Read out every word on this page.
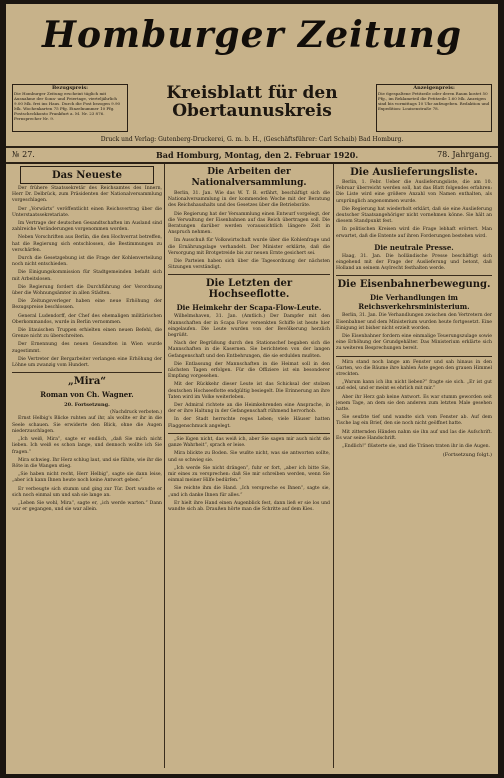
Homburger Zeitung
Bezugspreis:
Die Homburger Zeitung erscheint täglich mit Ausnahme der Sonn- und Feiertage, vierteljährlich 9.00 Mk. frei ins Haus. Durch die Post bezogen 9.90 Mk. Wochenkarten 75 Pfg. Einzelnummer 10 Pfg. Postscheckkonto Frankfurt a. M. Nr. 23 876. Fernsprecher Nr. 9.
Kreisblatt für den
Obertaunuskreis
Anzeigenpreis:
Die 6gespaltene Petitzeile oder deren Raum kostet 50 Pfg., im Reklameteil die Petitzeile 1.60 Mk. Anzeigen sind bis vormittags 10 Uhr aufzugeben. Redaktion und Expedition: Louisenstraße 78.
Druck und Verlag: Gutenberg-Druckerei, G. m. b. H., (Geschäftsführer: Carl Schaib) Bad Homburg.
№ 27.	Bad Homburg, Montag, den 2. Februar 1920.	78. Jahrgang.
Das Neueste

Der frühere Staatssekretär des Reichsamtes des Innern, Herr Dr. Delbrück, zum Präsidenten der Nationalversammlung vorgeschlagen.

Der „Vorwärts“ veröffentlicht einen Reichsvertrag über die Unterstaatssekretariate.

Im Vertrage der deutschen Gesandtschaften im Ausland sind zahlreiche Veränderungen vorgenommen worden.

Neben Vorschriften aus Berlin, die den Hochverrat betreffen, hat die Regierung sich entschlossen, die Bestimmungen zu verschärfen.

Durch die Gesetzgebung ist die Frage der Kohlenverteilung noch nicht entschieden.

Die Einigungskommission für Stadtgemeinden befaßt sich mit Arbeitslosen.

Die Regierung fordert die Durchführung der Verordnung über die Wohnungsämter in allen Städten.

Die Zeitungsverleger haben eine neue Erhöhung der Bezugspreise beschlossen.

General Ludendorff, der Chef des ehemaligen militärischen Oberkommandos, wurde in Berlin vernommen.

Die litauischen Truppen erhielten einen neuen Befehl, die Grenze nicht zu überschreiten.

Der Ernennung des neuen Gesandten in Wien wurde zugestimmt.

Die Vertreter der Bergarbeiter verlangen eine Erhöhung der Löhne um zwanzig vom Hundert.

„Mira“
Roman von Ch. Wagner.
20. Fortsetzung.
(Nachdruck verboten.)

Ernst Helbig's Blicke ruhten auf ihr, als wollte er ihr in die Seele schauen. Sie erwiderte den Blick, ohne die Augen niederzuschlagen.

„Ich weiß, Mira“, sagte er endlich, „daß Sie mich nicht lieben. Ich weiß es schon lange, und dennoch wollte ich Sie fragen.“

Mira schwieg. Ihr Herz schlug laut, und sie fühlte, wie ihr die Röte in die Wangen stieg.

„Sie haben nicht recht, Herr Helbig“, sagte sie dann leise, „aber ich kann Ihnen heute noch keine Antwort geben.“

Er verbeugte sich stumm und ging zur Tür. Dort wandte er sich noch einmal um und sah sie lange an.

„Leben Sie wohl, Mira“, sagte er, „ich werde warten.“ Dann war er gegangen, und sie war allein.

Die Arbeiten der Nationalversammlung.

Berlin, 31. Jan. Wie das W. T. B. erfährt, beschäftigt sich die Nationalversammlung in der kommenden Woche mit der Beratung des Reichshaushalts und des Gesetzes über die Betriebsräte.

Die Regierung hat der Versammlung einen Entwurf vorgelegt, der die Verwaltung der Eisenbahnen auf das Reich übertragen soll. Die Beratungen darüber werden voraussichtlich längere Zeit in Anspruch nehmen.

Im Ausschuß für Volkswirtschaft wurde über die Kohlenfrage und die Ernährungslage verhandelt. Der Minister erklärte, daß die Versorgung mit Brotgetreide bis zur neuen Ernte gesichert sei.

Die Parteien haben sich über die Tagesordnung der nächsten Sitzungen verständigt.

Die Letzten der Hochseeflotte.
Die Heimkehr der Scapa-Flow-Leute.

Wilhelmshaven, 31. Jan. (Amtlich.) Der Dampfer mit den Mannschaften der in Scapa Flow versenkten Schiffe ist heute hier eingelaufen. Die Leute wurden von der Bevölkerung herzlich begrüßt.

Nach der Begrüßung durch den Stationschef begaben sich die Mannschaften in die Kasernen. Sie berichteten von der langen Gefangenschaft und den Entbehrungen, die sie erdulden mußten.

Die Entlassung der Mannschaften in die Heimat soll in den nächsten Tagen erfolgen. Für die Offiziere ist ein besonderer Empfang vorgesehen.

Mit der Rückkehr dieser Leute ist das Schicksal der stolzen deutschen Hochseeflotte endgültig besiegelt. Die Erinnerung an ihre Taten wird im Volke weiterleben.

Der Admiral richtete an die Heimkehrenden eine Ansprache, in der er ihre Haltung in der Gefangenschaft rühmend hervorhob.

In der Stadt herrschte reges Leben; viele Häuser hatten Flaggenschmuck angelegt.

„Sie lügen nicht, das weiß ich, aber Sie sagen mir auch nicht die ganze Wahrheit“, sprach er leise.

Mira blickte zu Boden. Sie wußte nicht, was sie antworten sollte, und so schwieg sie.

„Ich werde Sie nicht drängen“, fuhr er fort, „aber ich bitte Sie, mir eines zu versprechen: daß Sie mir schreiben werden, wenn Sie einmal meiner Hilfe bedürfen.“

Sie reichte ihm die Hand. „Ich verspreche es Ihnen“, sagte sie, „und ich danke Ihnen für alles.“

Er hielt ihre Hand einen Augenblick fest, dann ließ er sie los und wandte sich ab. Draußen hörte man die Schritte auf dem Kies.

Die Auslieferungsliste.

Berlin, 1. Febr. Ueber die Auslieferungsliste, die am 10. Februar überreicht werden soll, hat das Blatt folgendes erfahren: Die Liste wird eine größere Anzahl von Namen enthalten, als ursprünglich angenommen wurde.

Die Regierung hat wiederholt erklärt, daß sie eine Auslieferung deutscher Staatsangehöriger nicht vornehmen könne. Sie hält an diesem Standpunkt fest.

In politischen Kreisen wird die Frage lebhaft erörtert. Man erwartet, daß die Entente auf ihren Forderungen bestehen wird.

Die neutrale Presse.

Haag, 31. Jan. Die holländische Presse beschäftigt sich eingehend mit der Frage der Auslieferung und betont, daß Holland an seinem Asylrecht festhalten werde.

Die Eisenbahnerbewegung.
Die Verhandlungen im Reichsverkehrsministerium.

Berlin, 31. Jan. Die Verhandlungen zwischen den Vertretern der Eisenbahner und dem Ministerium wurden heute fortgesetzt. Eine Einigung ist bisher nicht erzielt worden.

Die Eisenbahner fordern eine einmalige Teuerungszulage sowie eine Erhöhung der Grundgehälter. Das Ministerium erklärte sich zu weiteren Besprechungen bereit.

Mira stand noch lange am Fenster und sah hinaus in den Garten, wo die Bäume ihre kahlen Äste gegen den grauen Himmel streckten.

„Warum kann ich ihn nicht lieben?“ fragte sie sich. „Er ist gut und edel, und er meint es ehrlich mit mir.“

Aber ihr Herz gab keine Antwort. Es war stumm geworden seit jenem Tage, an dem sie den anderen zum letzten Male gesehen hatte.

Sie seufzte tief und wandte sich vom Fenster ab. Auf dem Tische lag ein Brief, den sie noch nicht geöffnet hatte.

Mit zitternden Händen nahm sie ihn auf und las die Aufschrift. Es war seine Handschrift.

„Endlich!“ flüsterte sie, und die Tränen traten ihr in die Augen.

(Fortsetzung folgt.)
